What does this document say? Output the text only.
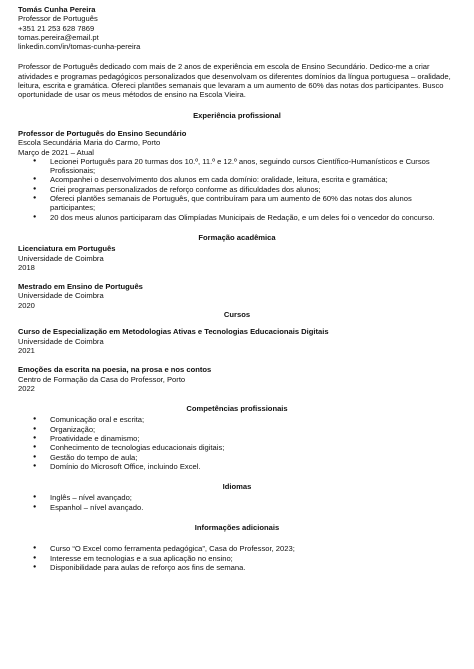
Tomás Cunha Pereira
Professor de Português
+351 21 253 628 7869
tomas.pereira@email.pt
linkedin.com/in/tomas-cunha-pereira
Professor de Português dedicado com mais de 2 anos de experiência em escola de Ensino Secundário. Dedico-me a criar atividades e programas pedagógicos personalizados que desenvolvam os diferentes domínios da língua portuguesa – oralidade, leitura, escrita e gramática. Ofereci plantões semanais que levaram a um aumento de 60% das notas dos participantes. Busco oportunidade de usar os meus métodos de ensino na Escola Vieira.
Experiência profissional
Professor de Português do Ensino Secundário
Escola Secundária Maria do Carmo, Porto
Março de 2021 – Atual
● Lecionei Português para 20 turmas dos 10.º, 11.º e 12.º anos, seguindo cursos Científico-Humanísticos e Cursos Profissionais;
● Acompanhei o desenvolvimento dos alunos em cada domínio: oralidade, leitura, escrita e gramática;
● Criei programas personalizados de reforço conforme as dificuldades dos alunos;
● Ofereci plantões semanais de Português, que contribuíram para um aumento de 60% das notas dos alunos participantes;
● 20 dos meus alunos participaram das Olimpíadas Municipais de Redação, e um deles foi o vencedor do concurso.
Formação acadêmica
Licenciatura em Português
Universidade de Coimbra
2018
Mestrado em Ensino de Português
Universidade de Coimbra
2020
Cursos
Curso de Especialização em Metodologias Ativas e Tecnologias Educacionais Digitais
Universidade de Coimbra
2021
Emoções da escrita na poesia, na prosa e nos contos
Centro de Formação da Casa do Professor, Porto
2022
Competências profissionais
● Comunicação oral e escrita;
● Organização;
● Proatividade e dinamismo;
● Conhecimento de tecnologias educacionais digitais;
● Gestão do tempo de aula;
● Domínio do Microsoft Office, incluindo Excel.
Idiomas
● Inglês – nível avançado;
● Espanhol – nível avançado.
Informações adicionais
● Curso “O Excel como ferramenta pedagógica”, Casa do Professor, 2023;
● Interesse em tecnologias e a sua aplicação no ensino;
● Disponibilidade para aulas de reforço aos fins de semana.
